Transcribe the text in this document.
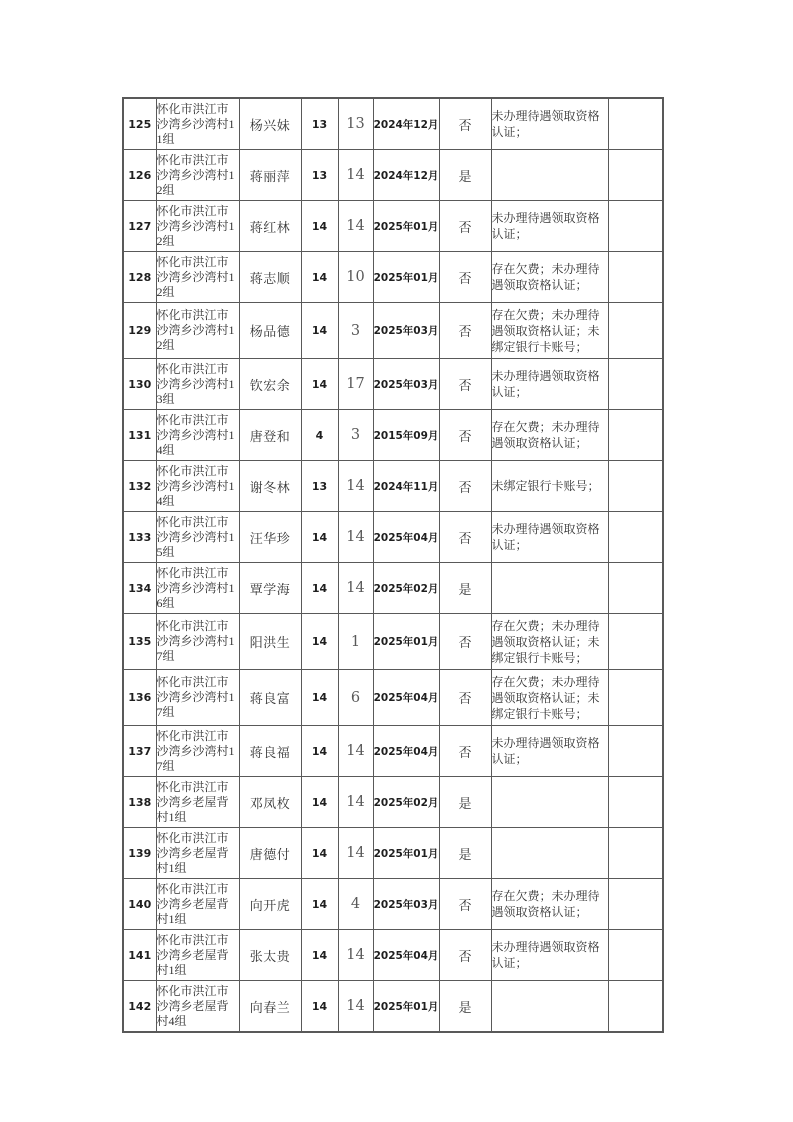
125	怀化市洪江市沙湾乡沙湾村11组	杨兴妹	13	13	2024年12月	否	未办理待遇领取资格认证；	
126	怀化市洪江市沙湾乡沙湾村12组	蒋丽萍	13	14	2024年12月	是		
127	怀化市洪江市沙湾乡沙湾村12组	蒋红林	14	14	2025年01月	否	未办理待遇领取资格认证；	
128	怀化市洪江市沙湾乡沙湾村12组	蒋志顺	14	10	2025年01月	否	存在欠费；未办理待遇领取资格认证；	
129	怀化市洪江市沙湾乡沙湾村12组	杨品德	14	3	2025年03月	否	存在欠费；未办理待遇领取资格认证；未绑定银行卡账号；	
130	怀化市洪江市沙湾乡沙湾村13组	钦宏余	14	17	2025年03月	否	未办理待遇领取资格认证；	
131	怀化市洪江市沙湾乡沙湾村14组	唐登和	4	3	2015年09月	否	存在欠费；未办理待遇领取资格认证；	
132	怀化市洪江市沙湾乡沙湾村14组	谢冬林	13	14	2024年11月	否	未绑定银行卡账号；	
133	怀化市洪江市沙湾乡沙湾村15组	汪华珍	14	14	2025年04月	否	未办理待遇领取资格认证；	
134	怀化市洪江市沙湾乡沙湾村16组	覃学海	14	14	2025年02月	是		
135	怀化市洪江市沙湾乡沙湾村17组	阳洪生	14	1	2025年01月	否	存在欠费；未办理待遇领取资格认证；未绑定银行卡账号；	
136	怀化市洪江市沙湾乡沙湾村17组	蒋良富	14	6	2025年04月	否	存在欠费；未办理待遇领取资格认证；未绑定银行卡账号；	
137	怀化市洪江市沙湾乡沙湾村17组	蒋良福	14	14	2025年04月	否	未办理待遇领取资格认证；	
138	怀化市洪江市沙湾乡老屋背村1组	邓凤枚	14	14	2025年02月	是		
139	怀化市洪江市沙湾乡老屋背村1组	唐德付	14	14	2025年01月	是		
140	怀化市洪江市沙湾乡老屋背村1组	向开虎	14	4	2025年03月	否	存在欠费；未办理待遇领取资格认证；	
141	怀化市洪江市沙湾乡老屋背村1组	张太贵	14	14	2025年04月	否	未办理待遇领取资格认证；	
142	怀化市洪江市沙湾乡老屋背村4组	向春兰	14	14	2025年01月	是		
